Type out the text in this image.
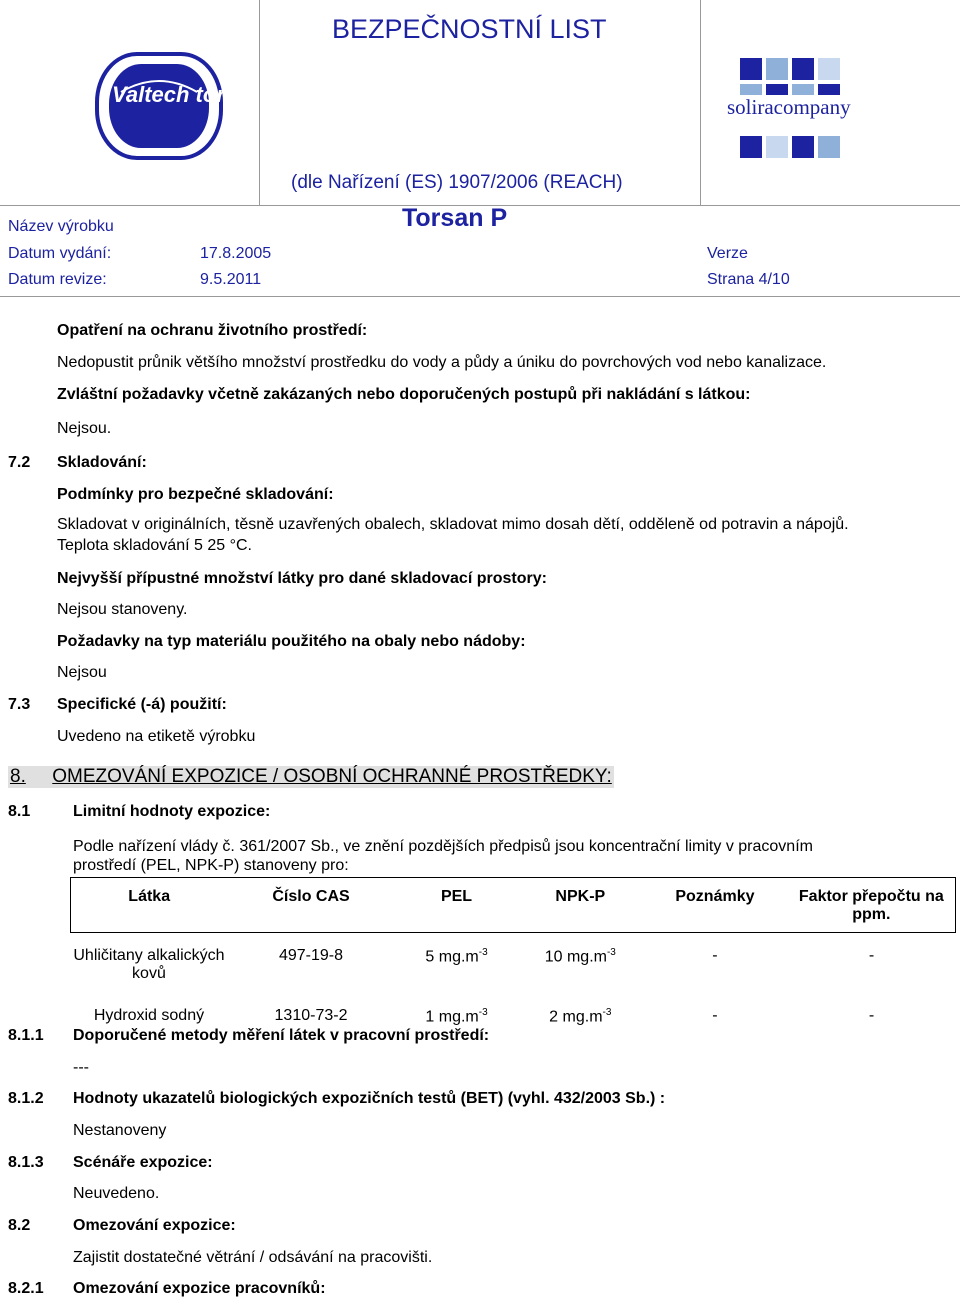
Valtech tors	soliracompany
BEZPEČNOSTNÍ LIST
(dle Nařízení (ES) 1907/2006 (REACH)
Název výrobku	Torsan P
Datum vydání:	17.8.2005	Verze
Datum revize:	9.5.2011	Strana 4/10
Opatření na ochranu životního prostředí:
Nedopustit průnik většího množství prostředku do vody a půdy a úniku do povrchových vod nebo kanalizace.
Zvláštní požadavky včetně zakázaných nebo doporučených postupů při nakládání s látkou:
Nejsou.
7.2 Skladování:
Podmínky pro bezpečné skladování:
Skladovat v originálních, těsně uzavřených obalech, skladovat mimo dosah dětí, odděleně od potravin a nápojů.
Teplota skladování 5 25 °C.
Nejvyšší přípustné množství látky pro dané skladovací prostory:
Nejsou stanoveny.
Požadavky na typ materiálu použitého na obaly nebo nádoby:
Nejsou
7.3 Specifické (-á) použití:
Uvedeno na etiketě výrobku
8. OMEZOVÁNÍ EXPOZICE / OSOBNÍ OCHRANNÉ PROSTŘEDKY:
8.1	Limitní hodnoty expozice:
Podle nařízení vlády č. 361/2007 Sb., ve znění pozdějších předpisů jsou koncentrační limity v pracovním
prostředí (PEL, NPK-P) stanoveny pro:
Látka	Číslo CAS	PEL	NPK-P	Poznámky	Faktor přepočtu na ppm.
Uhličitany alkalických kovů	497-19-8	5 $mg.m^{-3}$	10 $mg.m^{-3}$	-	-
Hydroxid sodný	1310-73-2	1 $mg.m^{-3}$	2 $mg.m^{-3}$	-	-
8.1.1 Doporučené metody měření látek v pracovní prostředí:
---
8.1.2 Hodnoty ukazatelů biologických expozičních testů (BET) (vyhl. 432/2003 Sb.) :
Nestanoveny
8.1.3 Scénáře expozice:
Neuvedeno.
8.2	Omezování expozice:
Zajistit dostatečné větrání / odsávání na pracovišti.
8.2.1 Omezování expozice pracovníků:
